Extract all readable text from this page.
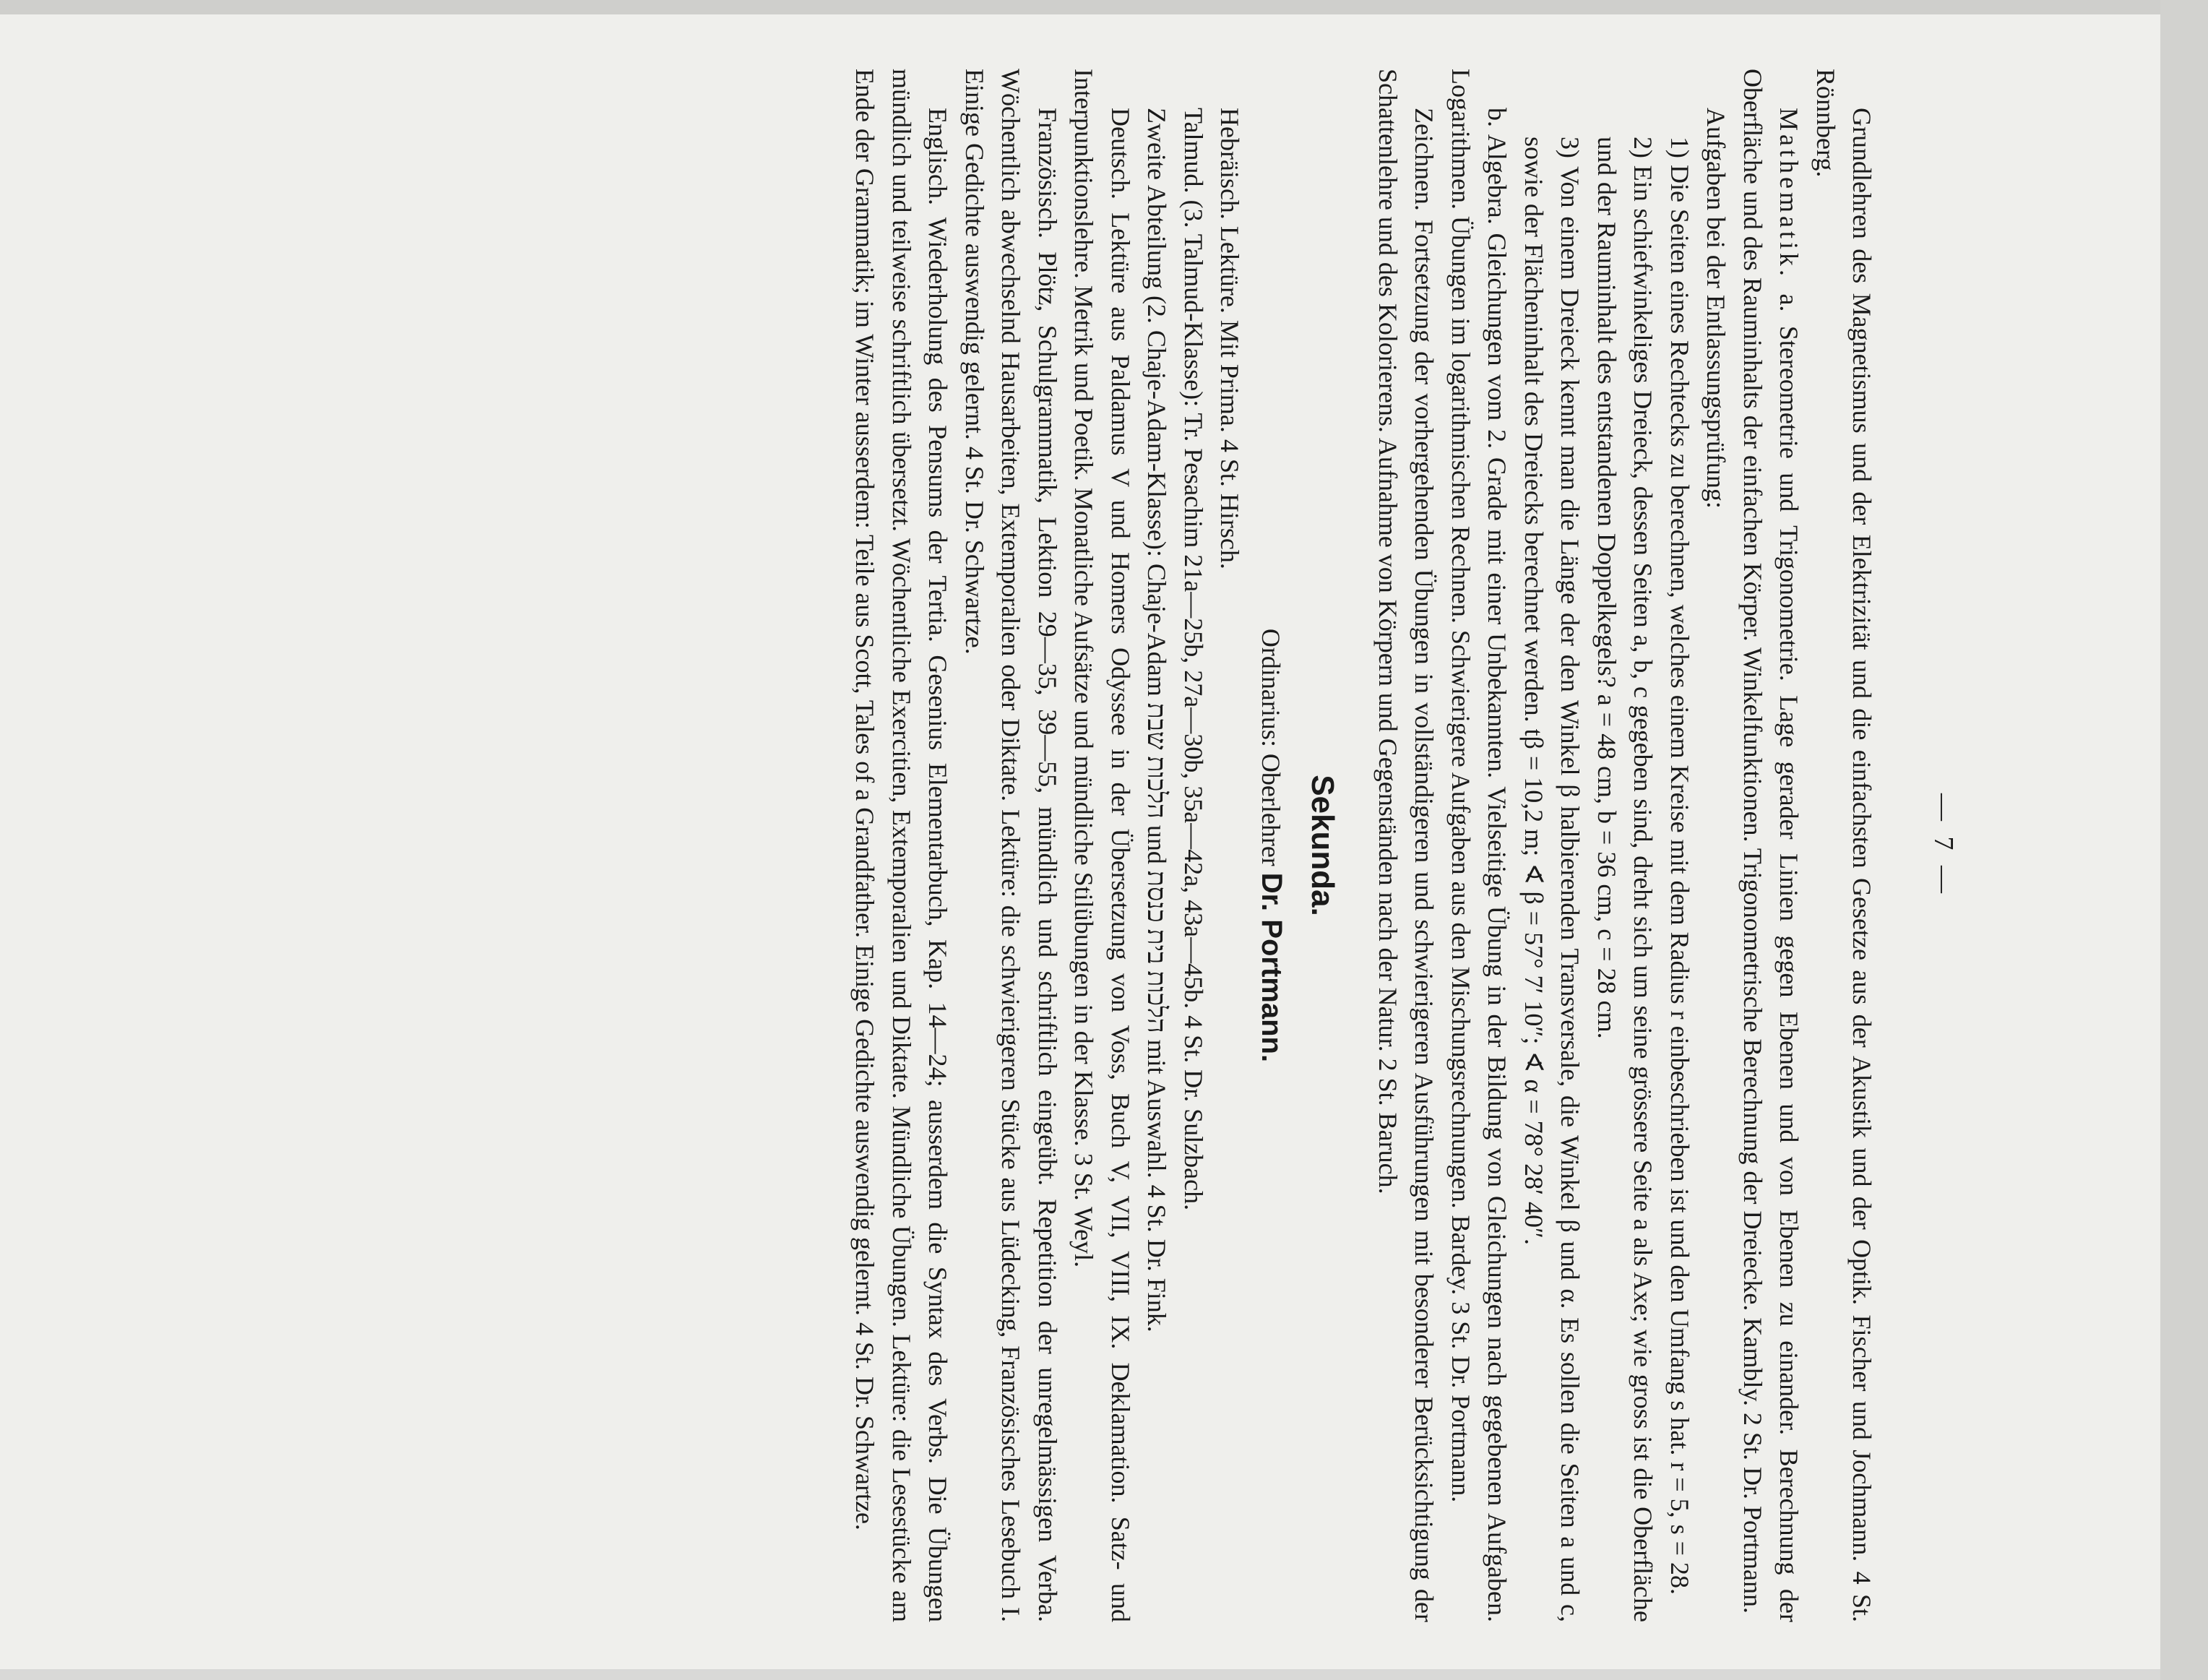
— 7 —

Grundlehren des Magnetismus und der Elektrizität und die einfachsten Gesetze aus der Akustik und der Optik. Fischer und Jochmann. 4 St. Rönnberg.

Mathematik. a. Stereometrie und Trigonometrie. Lage gerader Linien gegen Ebenen und von Ebenen zu einander. Berechnung der Oberfläche und des Rauminhalts der einfachen Körper. Winkelfunktionen. Trigonometrische Berechnung der Dreiecke. Kambly. 2 St. Dr. Portmann.

Aufgaben bei der Entlassungsprüfung:

1) Die Seiten eines Rechtecks zu berechnen, welches einem Kreise mit dem Radius r einbeschrieben ist und den Umfang s hat. r = 5, s = 28.

2) Ein schiefwinkeliges Dreieck, dessen Seiten a, b, c gegeben sind, dreht sich um seine grössere Seite a als Axe; wie gross ist die Oberfläche und der Rauminhalt des entstandenen Doppelkegels? a = 48 cm, b = 36 cm, c = 28 cm.

3) Von einem Dreieck kennt man die Länge der den Winkel β halbierenden Transversale, die Winkel β und α. Es sollen die Seiten a und c, sowie der Flächeninhalt des Dreiecks berechnet werden. tβ = 10,2 m; ∢ β = 57° 7′ 10″; ∢ α = 78° 28′ 40″.

b. Algebra. Gleichungen vom 2. Grade mit einer Unbekannten. Vielseitige Übung in der Bildung von Gleichungen nach gegebenen Aufgaben. Logarithmen. Übungen im logarithmischen Rechnen. Schwierigere Aufgaben aus den Mischungsrechnungen. Bardey. 3 St. Dr. Portmann.

Zeichnen. Fortsetzung der vorhergehenden Übungen in vollständigeren und schwierigeren Ausführungen mit besonderer Berücksichtigung der Schattenlehre und des Kolorierens. Aufnahme von Körpern und Gegenständen nach der Natur. 2 St. Baruch.

Sekunda.

Ordinarius: Oberlehrer Dr. Portmann.

Hebräisch. Lektüre. Mit Prima. 4 St. Hirsch.

Talmud. (3. Talmud-Klasse): Tr. Pesachim 21a—25b, 27a—30b, 35a—42a, 43a—45b. 4 St. Dr. Sulzbach.

Zweite Abteilung (2. Chaje-Adam-Klasse): Chaje-Adam הלכות שבת und הלכות בית כנסת mit Auswahl. 4 St. Dr. Fink.

Deutsch. Lektüre aus Paldamus V und Homers Odyssee in der Übersetzung von Voss, Buch V, VII, VIII, IX. Deklamation. Satz- und Interpunktionslehre. Metrik und Poetik. Monatliche Aufsätze und mündliche Stilübungen in der Klasse. 3 St. Weyl.

Französisch. Plötz, Schulgrammatik, Lektion 29—35, 39—55, mündlich und schriftlich eingeübt. Repetition der unregelmässigen Verba. Wöchentlich abwechselnd Hausarbeiten, Extemporalien oder Diktate. Lektüre: die schwierigeren Stücke aus Lüdecking, Französisches Lesebuch I. Einige Gedichte auswendig gelernt. 4 St. Dr. Schwartze.

Englisch. Wiederholung des Pensums der Tertia. Gesenius Elementarbuch, Kap. 14—24; ausserdem die Syntax des Verbs. Die Übungen mündlich und teilweise schriftlich übersetzt. Wöchentliche Exercitien, Extemporalien und Diktate. Mündliche Übungen. Lektüre: die Lesestücke am Ende der Grammatik; im Winter ausserdem: Teile aus Scott, Tales of a Grandfather. Einige Gedichte auswendig gelernt. 4 St. Dr. Schwartze.
